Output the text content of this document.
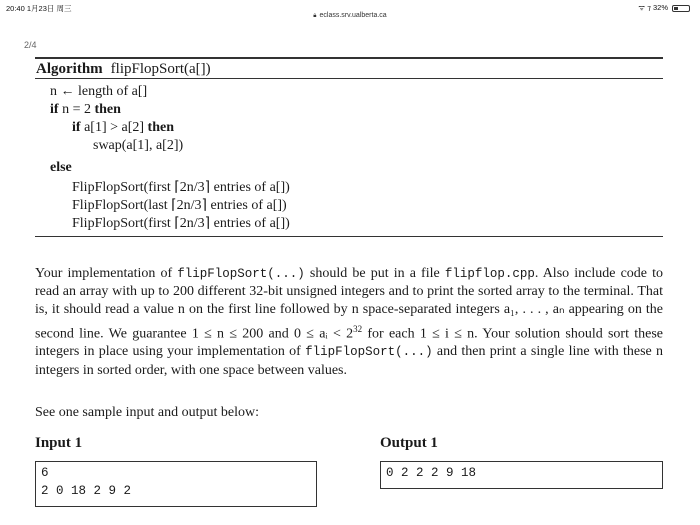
20:40 1月23日 周三	ᯤ ⁊ 32%
🔒︎ eclass.srv.ualberta.ca
2/4
Algorithm flipFlopSort(a[])
n ← length of a[]
if n = 2 then
if a[1] > a[2] then
swap(a[1], a[2])
else
FlipFlopSort(first ⌈2n/3⌉ entries of a[])
FlipFlopSort(last ⌈2n/3⌉ entries of a[])
FlipFlopSort(first ⌈2n/3⌉ entries of a[])
Your implementation of flipFlopSort(...) should be put in a file flipflop.cpp. Also include code to read an array with up to 200 different 32-bit unsigned integers and to print the sorted array to the terminal. That is, it should read a value n on the first line followed by n space-separated integers a₁, . . . , aₙ appearing on the second line. We guarantee 1 ≤ n ≤ 200 and 0 ≤ aᵢ < $2^{32}$ for each 1 ≤ i ≤ n. Your solution should sort these integers in place using your implementation of flipFlopSort(...) and then print a single line with these n integers in sorted order, with one space between values.
See one sample input and output below:
Input 1	Output 1
6
2 0 18 2 9 2
0 2 2 2 9 18
